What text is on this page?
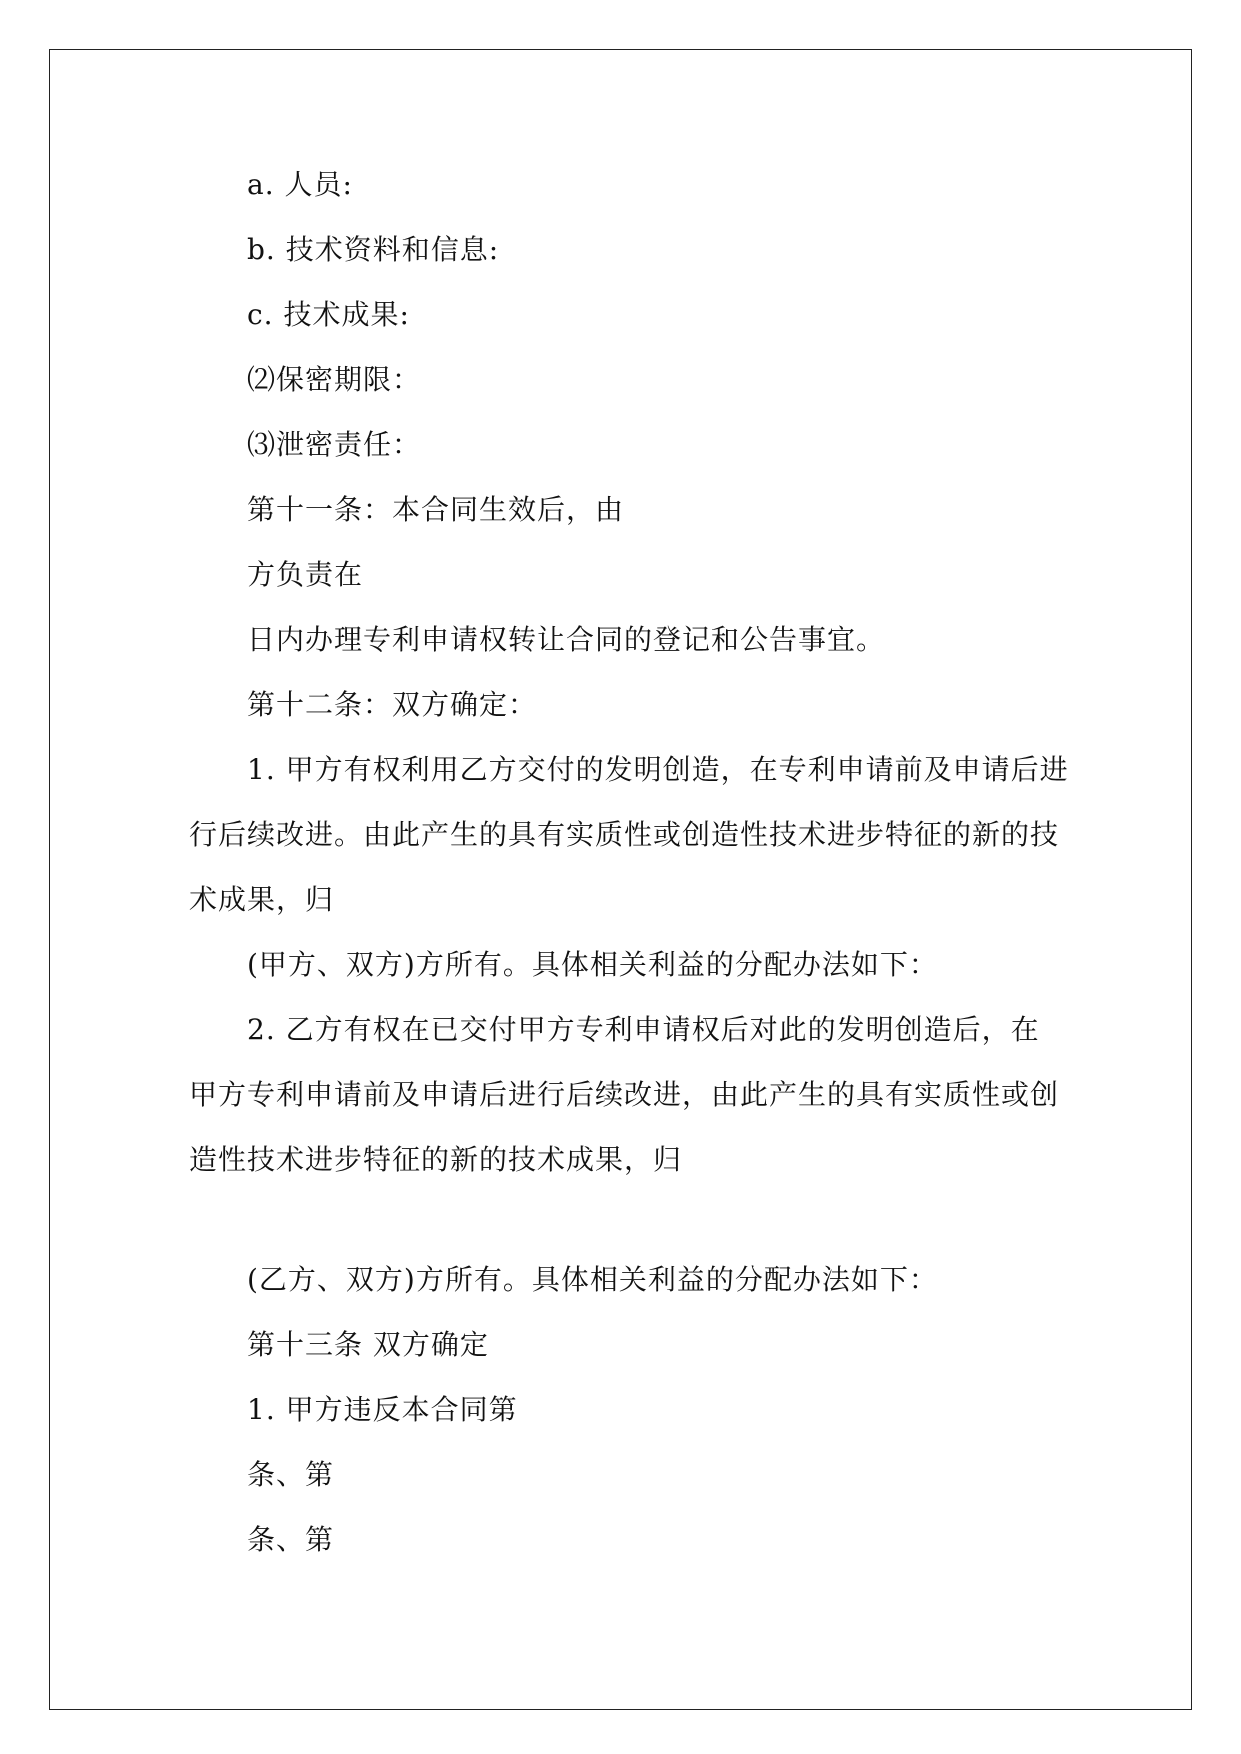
a. 人员:
b. 技术资料和信息:
c. 技术成果:
⑵保密期限：
⑶泄密责任：
第十一条：本合同生效后，由
方负责在
日内办理专利申请权转让合同的登记和公告事宜。
第十二条：双方确定：
1. 甲方有权利用乙方交付的发明创造，在专利申请前及申请后进
行后续改进。由此产生的具有实质性或创造性技术进步特征的新的技
术成果，归
(甲方、双方)方所有。具体相关利益的分配办法如下：
2. 乙方有权在已交付甲方专利申请权后对此的发明创造后，在
甲方专利申请前及申请后进行后续改进，由此产生的具有实质性或创
造性技术进步特征的新的技术成果，归
(乙方、双方)方所有。具体相关利益的分配办法如下：
第十三条 双方确定
1. 甲方违反本合同第
条、第
条、第
